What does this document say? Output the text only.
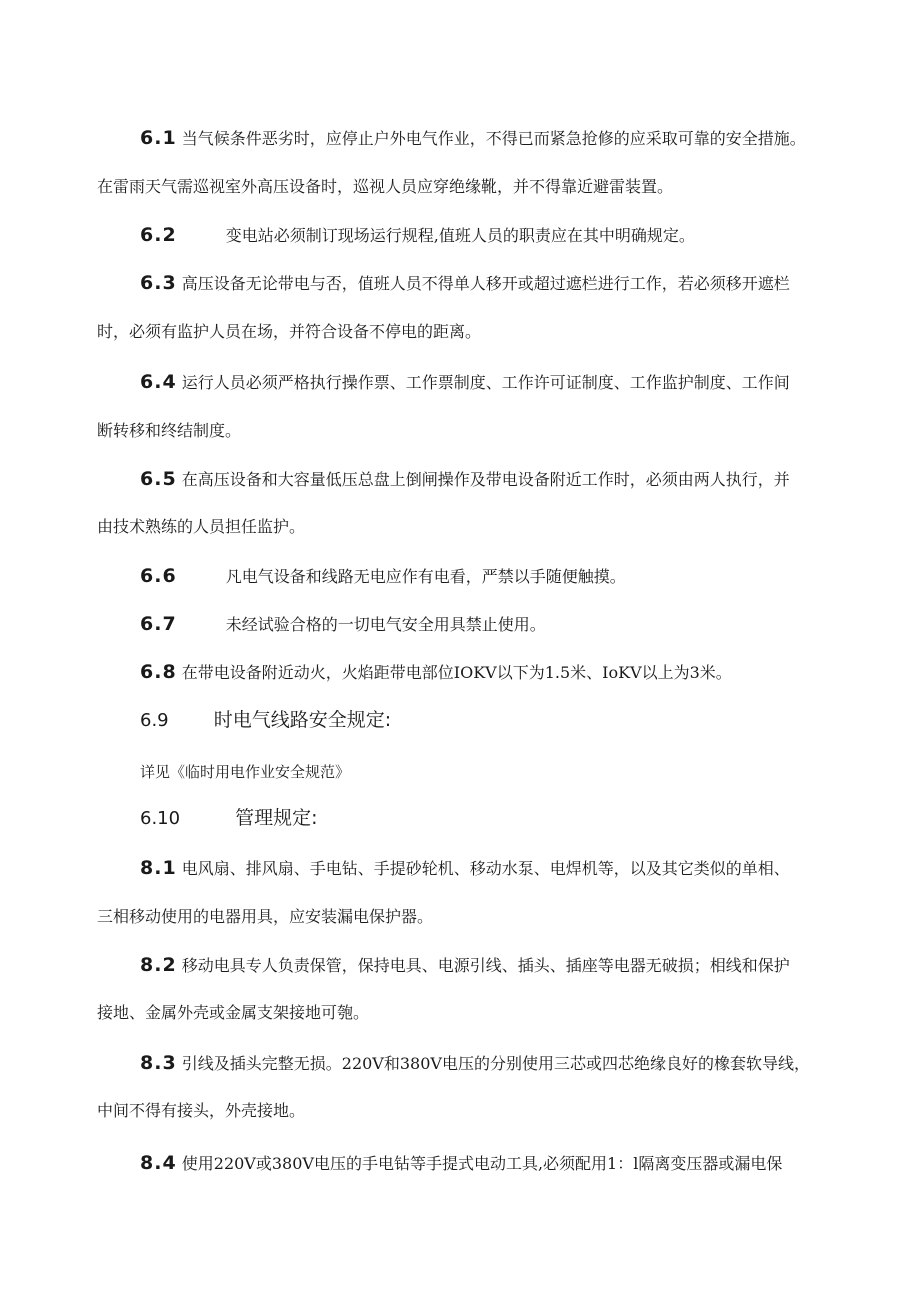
6.1 当气候条件恶劣时，应停止户外电气作业，不得已而紧急抢修的应采取可靠的安全措施。
在雷雨天气需巡视室外高压设备时，巡视人员应穿绝缘靴，并不得靠近避雷装置。
6.2	变电站必须制订现场运行规程,值班人员的职责应在其中明确规定。
6.3 高压设备无论带电与否，值班人员不得单人移开或超过遮栏进行工作，若必须移开遮栏
时，必须有监护人员在场，并符合设备不停电的距离。
6.4 运行人员必须严格执行操作票、工作票制度、工作许可证制度、工作监护制度、工作间
断转移和终结制度。
6.5 在高压设备和大容量低压总盘上倒闸操作及带电设备附近工作时，必须由两人执行，并
由技术熟练的人员担任监护。
6.6	凡电气设备和线路无电应作有电看，严禁以手随便触摸。
6.7	未经试验合格的一切电气安全用具禁止使用。
6.8 在带电设备附近动火，火焰距带电部位IOKV以下为1.5米、IoKV以上为3米。
6.9 时电气线路安全规定:
详见《临时用电作业安全规范》
6.10	管理规定:
8.1 电风扇、排风扇、手电钻、手提砂轮机、移动水泵、电焊机等，以及其它类似的单相、
三相移动使用的电器用具，应安装漏电保护器。
8.2 移动电具专人负责保管，保持电具、电源引线、插头、插座等电器无破损；相线和保护
接地、金属外壳或金属支架接地可匏。
8.3 引线及插头完整无损。220V和380V电压的分别使用三芯或四芯绝缘良好的橡套软导线，
中间不得有接头，外壳接地。
8.4 使用220V或380V电压的手电钻等手提式电动工具,必须配用1：l隔离变压器或漏电保
